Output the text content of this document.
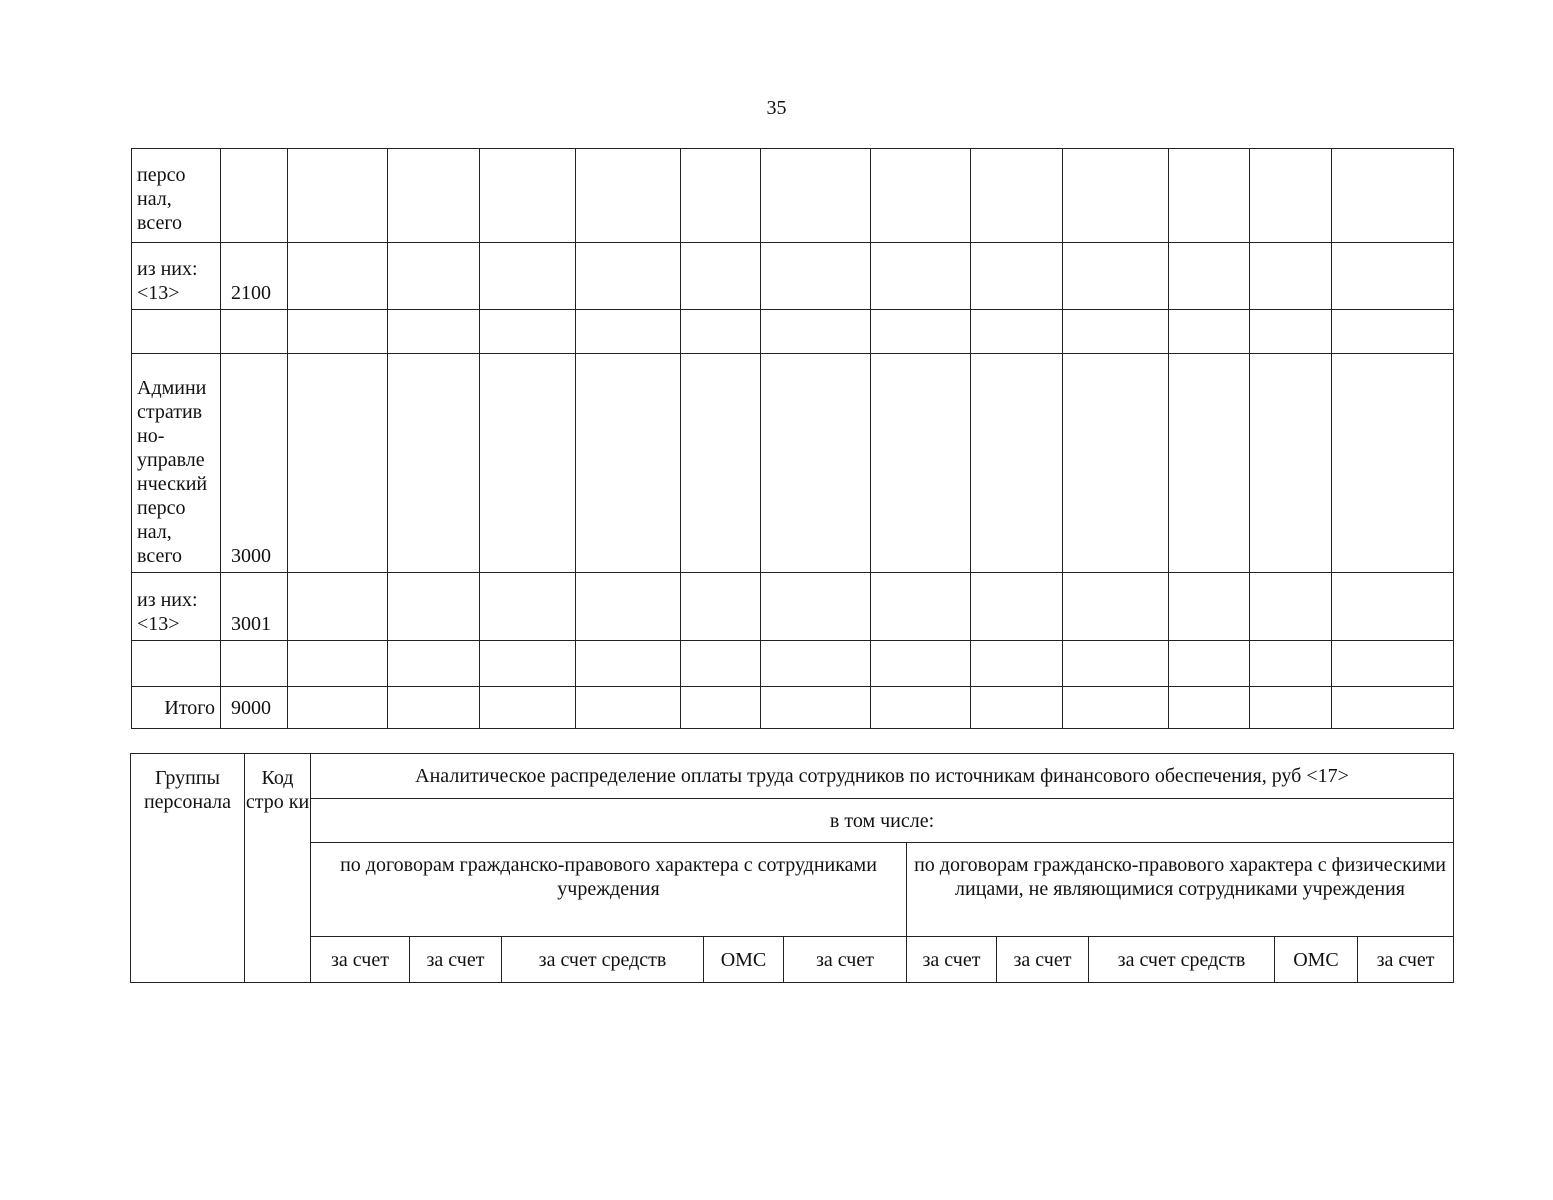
35
персо нал, всего													
из них: <13>	2100												

Админи стратив но- управле нческий персо нал, всего	3000												
из них: <13>	3001												

Итого	9000												
Группы персонала	Код стро ки	Аналитическое распределение оплаты труда сотрудников по источникам финансового обеспечения, руб <17>									
		в том числе:									
		по договорам гражданско-правового характера с сотрудниками учреждения					по договорам гражданско-правового характера с физическими лицами, не являющимися сотрудниками учреждения				
		за счет	за счет	за счет средств	ОМС	за счет	за счет	за счет	за счет средств	ОМС	за счет
